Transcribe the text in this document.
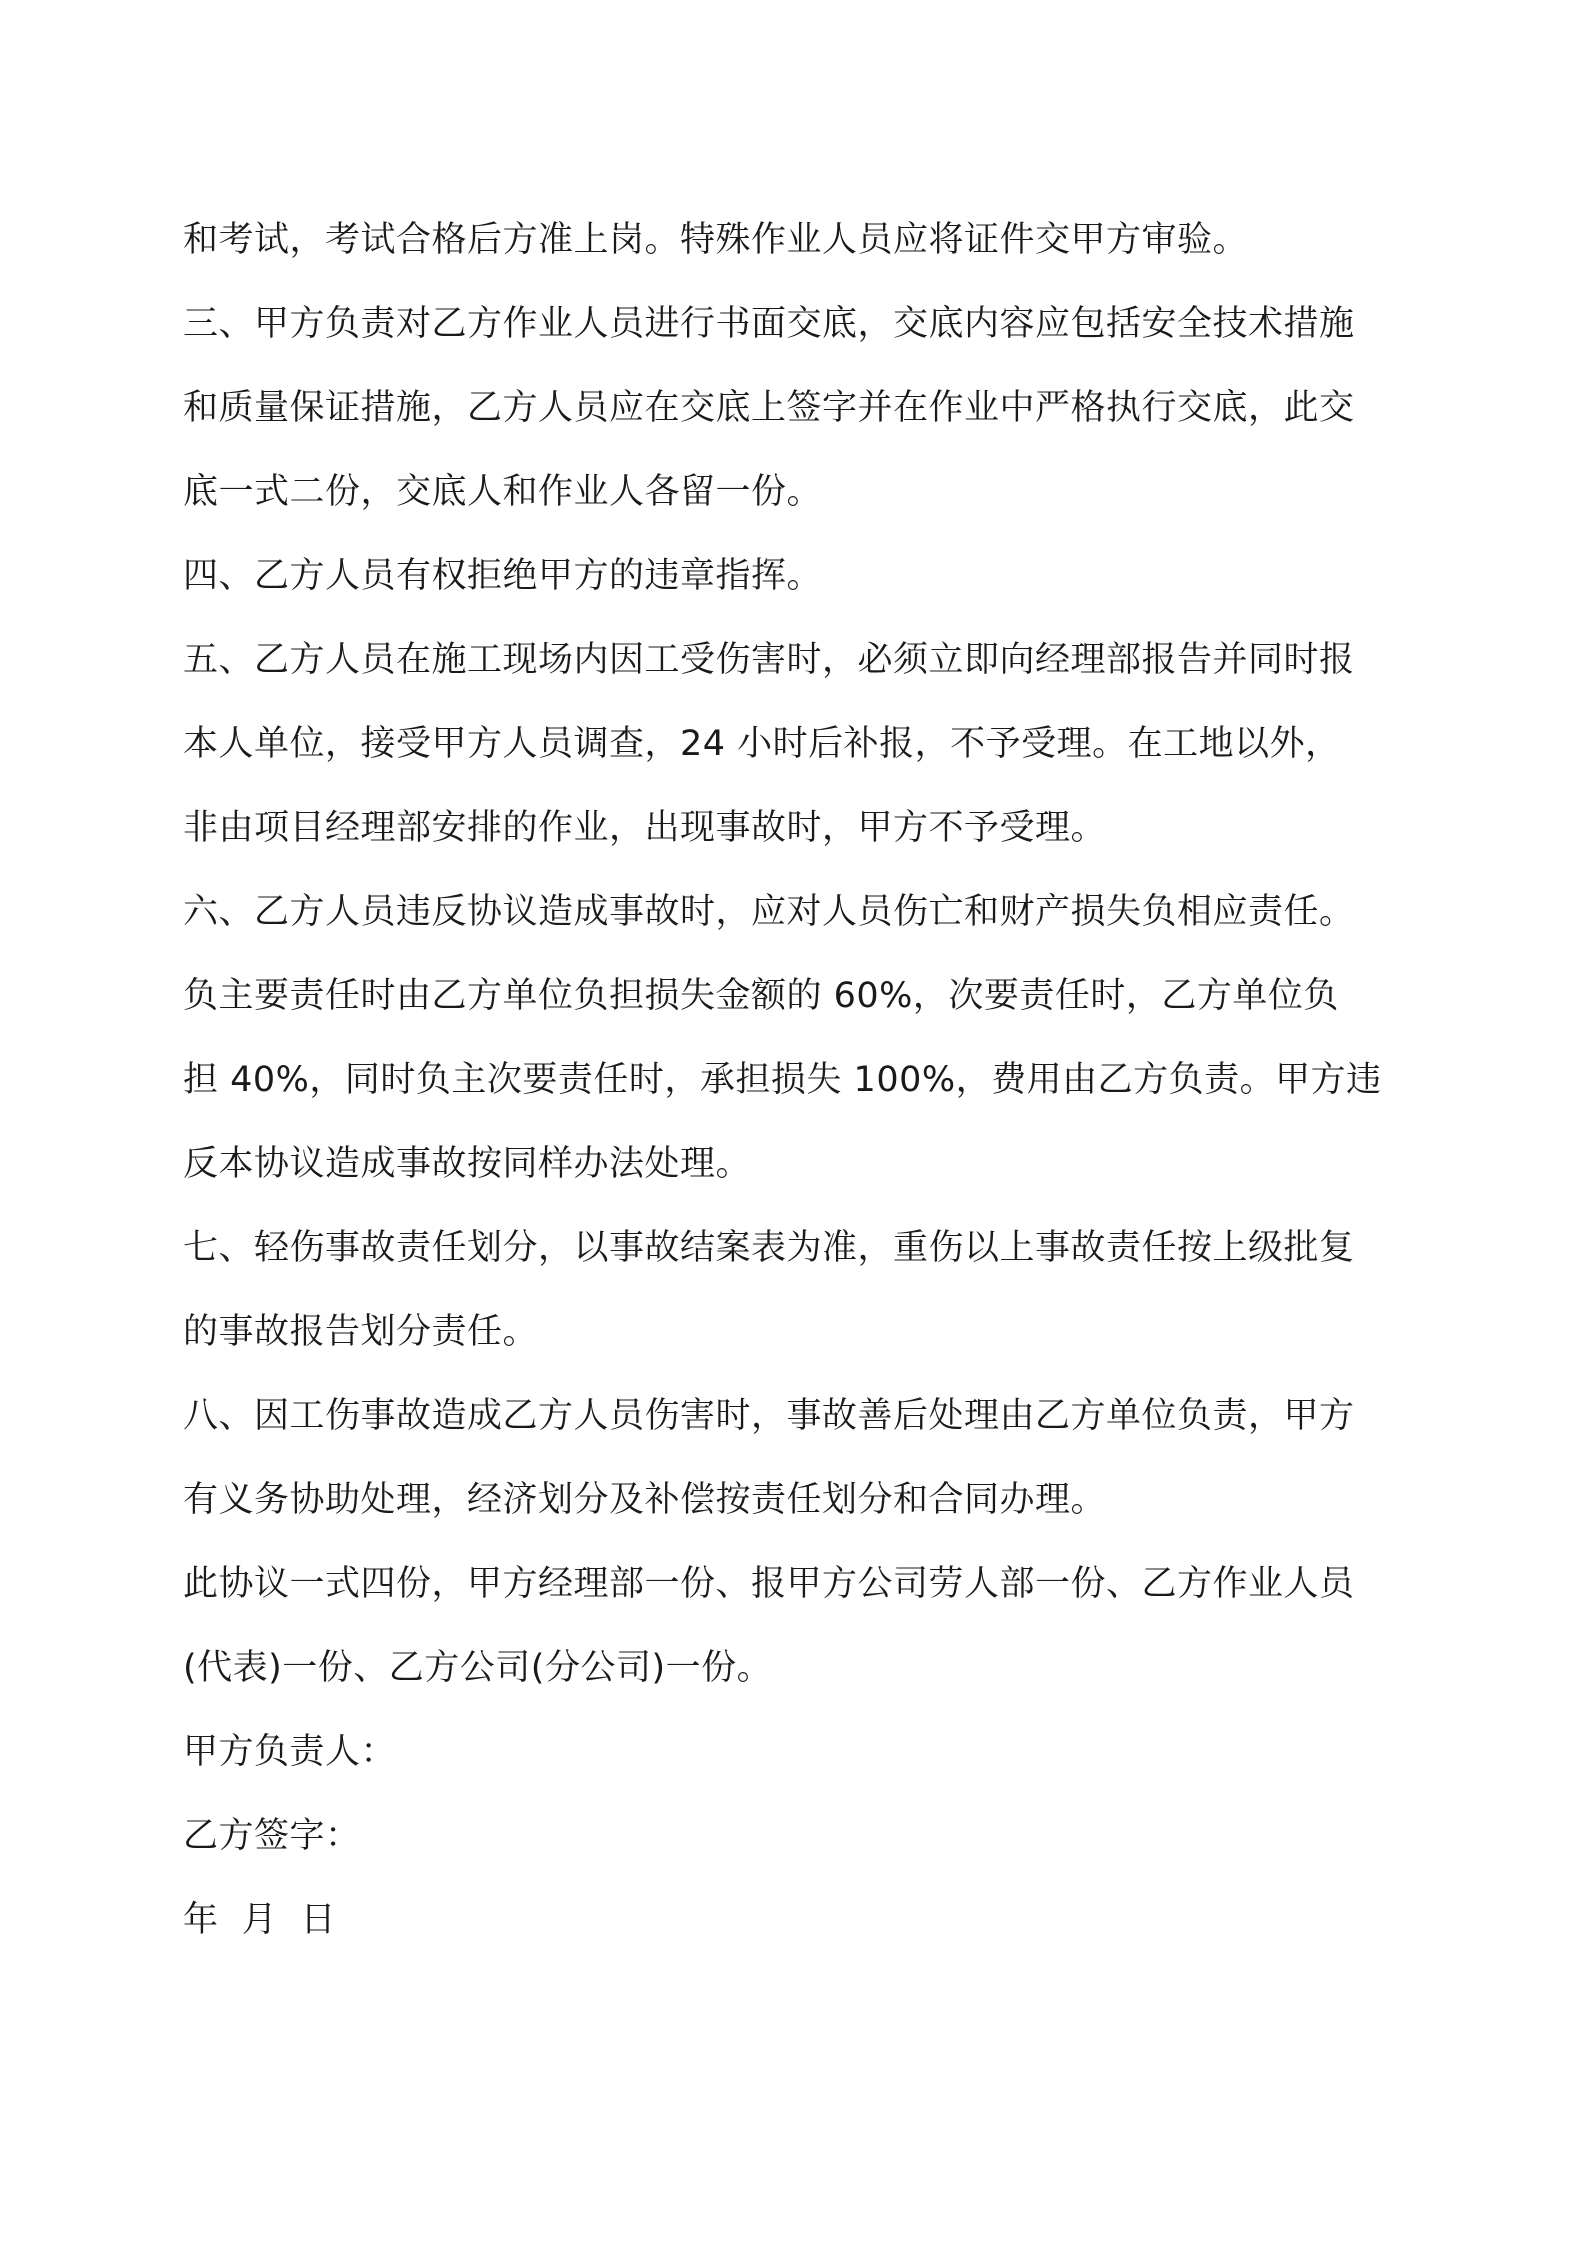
和考试，考试合格后方准上岗。特殊作业人员应将证件交甲方审验。

三、甲方负责对乙方作业人员进行书面交底，交底内容应包括安全技术措施

和质量保证措施，乙方人员应在交底上签字并在作业中严格执行交底，此交

底一式二份，交底人和作业人各留一份。

四、乙方人员有权拒绝甲方的违章指挥。

五、乙方人员在施工现场内因工受伤害时，必须立即向经理部报告并同时报

本人单位，接受甲方人员调查，24 小时后补报，不予受理。在工地以外，

非由项目经理部安排的作业，出现事故时，甲方不予受理。

六、乙方人员违反协议造成事故时，应对人员伤亡和财产损失负相应责任。

负主要责任时由乙方单位负担损失金额的 60%，次要责任时，乙方单位负

担 40%，同时负主次要责任时，承担损失 100%，费用由乙方负责。甲方违

反本协议造成事故按同样办法处理。

七、轻伤事故责任划分，以事故结案表为准，重伤以上事故责任按上级批复

的事故报告划分责任。

八、因工伤事故造成乙方人员伤害时，事故善后处理由乙方单位负责，甲方

有义务协助处理，经济划分及补偿按责任划分和合同办理。

此协议一式四份，甲方经理部一份、报甲方公司劳人部一份、乙方作业人员

(代表)一份、乙方公司(分公司)一份。

甲方负责人：

乙方签字：

年  月  日
